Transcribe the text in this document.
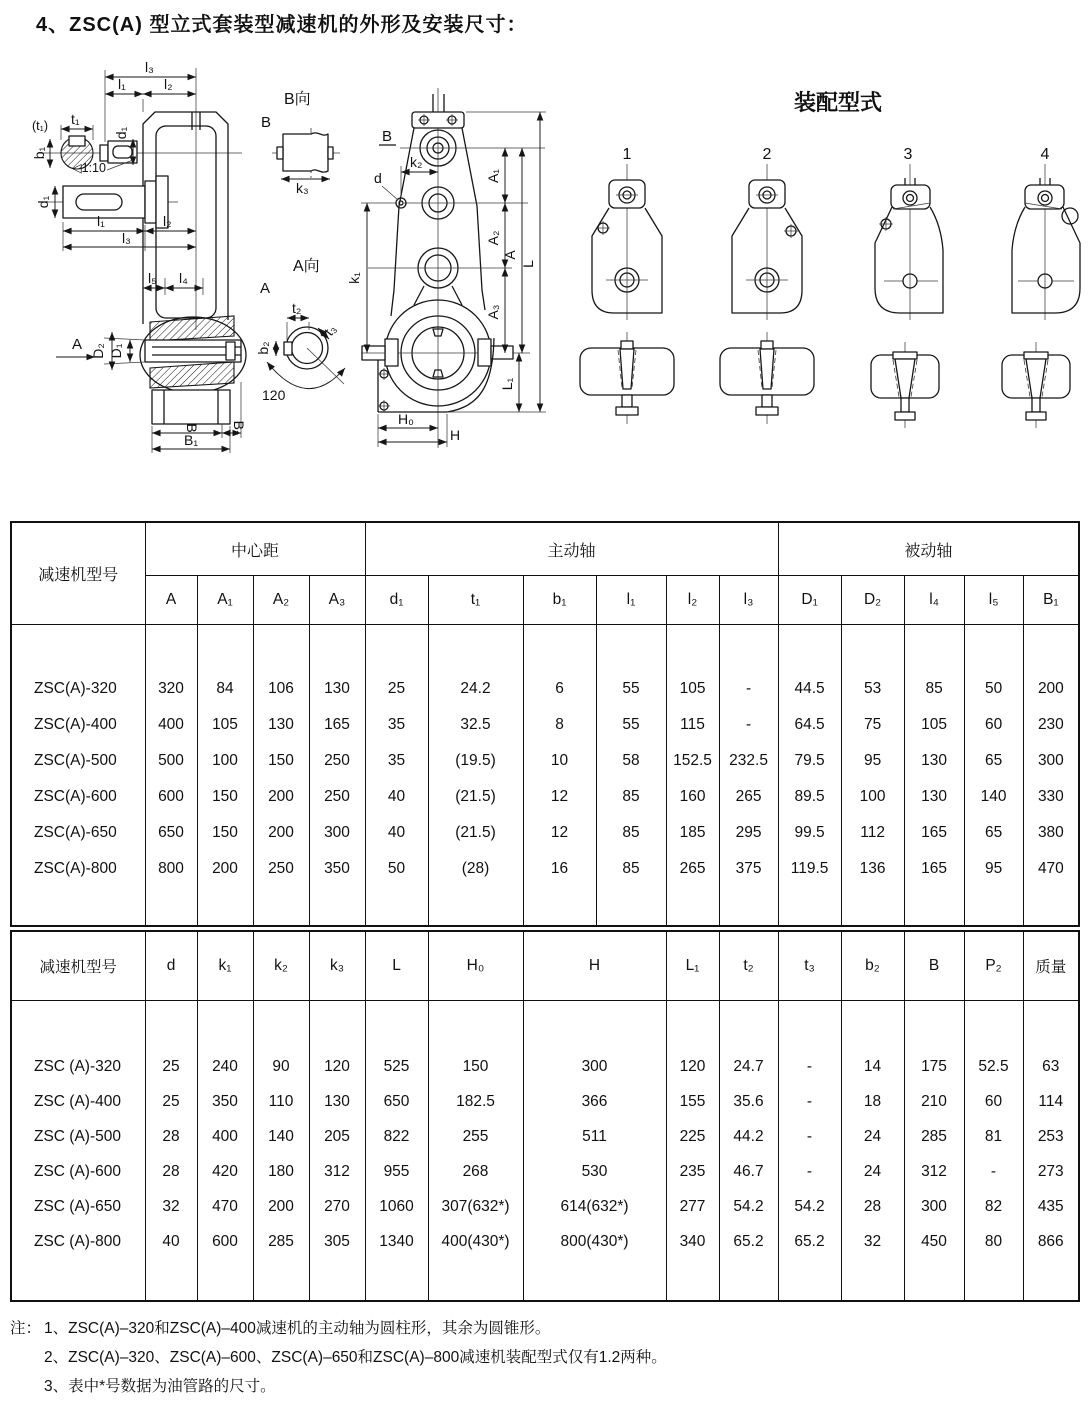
4、ZSC(A) 型立式套装型减速机的外形及安装尺寸：
d₁
t₁
(t₁)
b₁
◁1:10
d₁
l₃
l₁	l₂
l₁	l₂
l₃
l₅ l₄
A D₁
D₂
B B₂
B₁
B向
B
k₃
A向
A
t₂
b₂
t₃
120
B
d
k₂
k₁
A₁
A₂
A₃
A
L
L₁
H₀
H
装配型式
1	2	3	4
减速机型号	中心距				主动轴						被动轴				
	A	A₁	A₂	A₃	d₁	t₁	b₁	l₁	l₂	l₃	D₁	D₂	l₄	l₅	B₁
ZSC(A)-320	320	84	106	130	25	24.2	6	55	105	-	44.5	53	85	50	200
ZSC(A)-400	400	105	130	165	35	32.5	8	55	115	-	64.5	75	105	60	230
ZSC(A)-500	500	100	150	250	35	(19.5)	10	58	152.5	232.5	79.5	95	130	65	300
ZSC(A)-600	600	150	200	250	40	(21.5)	12	85	160	265	89.5	100	130	140	330
ZSC(A)-650	650	150	200	300	40	(21.5)	12	85	185	295	99.5	112	165	65	380
ZSC(A)-800	800	200	250	350	50	(28)	16	85	265	375	119.5	136	165	95	470
减速机型号	d	k₁	k₂	k₃	L	H₀	H	L₁	t₂	t₃	b₂	B	P₂	质量
ZSC (A)-320	25	240	90	120	525	150	300	120	24.7	-	14	175	52.5	63
ZSC (A)-400	25	350	110	130	650	182.5	366	155	35.6	-	18	210	60	114
ZSC (A)-500	28	400	140	205	822	255	511	225	44.2	-	24	285	81	253
ZSC (A)-600	28	420	180	312	955	268	530	235	46.7	-	24	312	-	273
ZSC (A)-650	32	470	200	270	1060	307(632*)	614(632*)	277	54.2	54.2	28	300	82	435
ZSC (A)-800	40	600	285	305	1340	400(430*)	800(430*)	340	65.2	65.2	32	450	80	866
注： 1、ZSC(A)–320和ZSC(A)–400减速机的主动轴为圆柱形，其余为圆锥形。
2、ZSC(A)–320、ZSC(A)–600、ZSC(A)–650和ZSC(A)–800减速机装配型式仅有1.2两种。
3、表中*号数据为油管路的尺寸。
